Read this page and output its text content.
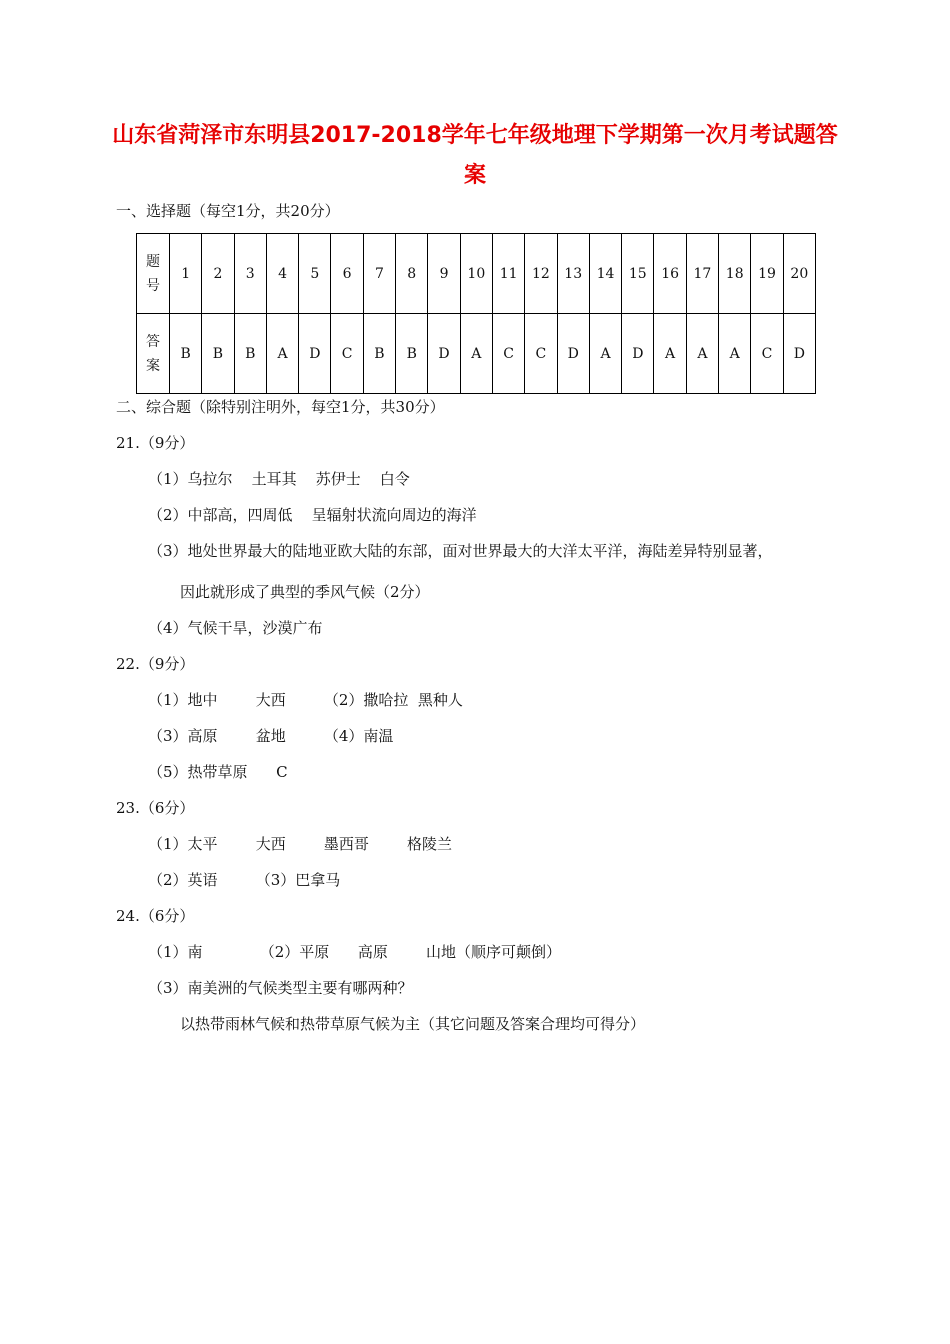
山东省菏泽市东明县2017-2018学年七年级地理下学期第一次月考试题答
案
一、选择题（每空1分，共20分）
题
号	1	2	3	4	5	6	7	8	9	10	11	12	13	14	15	16	17	18	19	20

答
案	B	B	B	A	D	C	B	B	D	A	C	C	D	A	D	A	A	A	C	D
二、综合题（除特别注明外，每空1分，共30分）
21.（9分）
（1）乌拉尔    土耳其    苏伊士    白令
（2）中部高，四周低    呈辐射状流向周边的海洋
（3）地处世界最大的陆地亚欧大陆的东部，面对世界最大的大洋太平洋，海陆差异特别显著，
因此就形成了典型的季风气候（2分）
（4）气候干旱，沙漠广布
22.（9分）
（1）地中        大西        （2）撒哈拉  黑种人
（3）高原        盆地        （4）南温
（5）热带草原      C
23.（6分）
（1）太平        大西        墨西哥        格陵兰
（2）英语        （3）巴拿马
24.（6分）
（1）南            （2）平原      高原        山地（顺序可颠倒）
（3）南美洲的气候类型主要有哪两种？
以热带雨林气候和热带草原气候为主（其它问题及答案合理均可得分）
